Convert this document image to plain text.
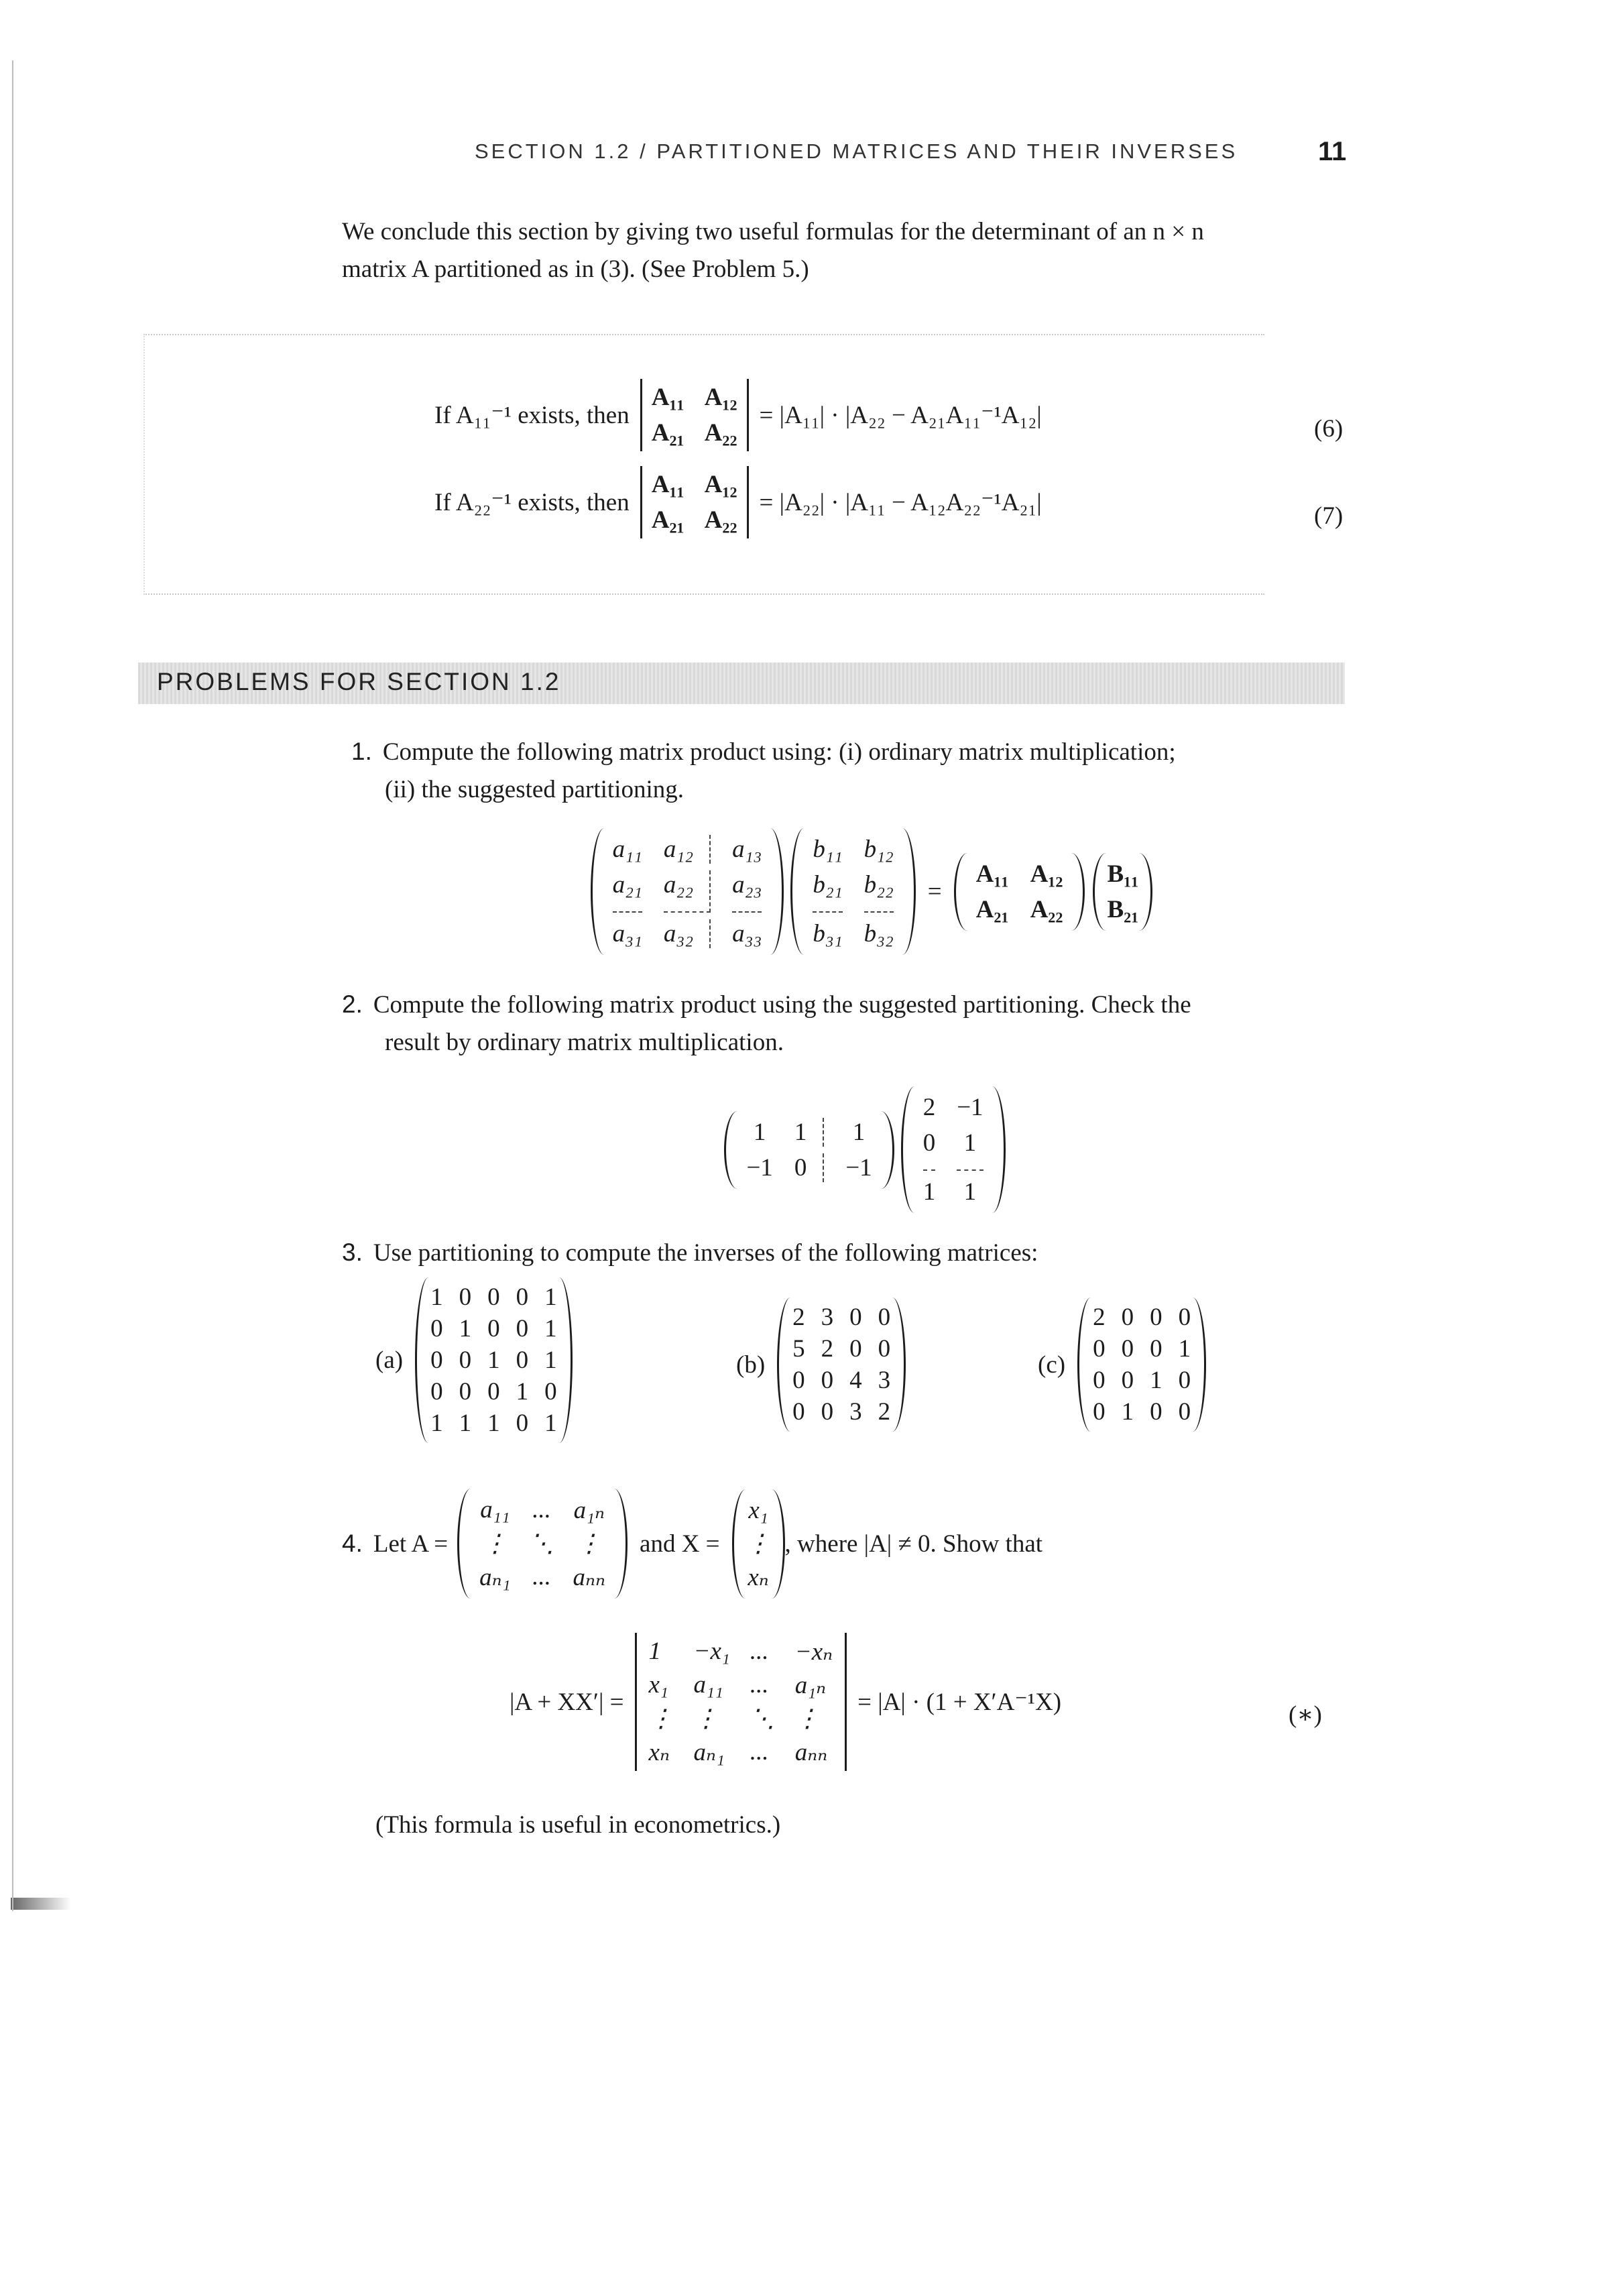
SECTION 1.2 / PARTITIONED MATRICES AND THEIR INVERSES	11
We conclude this section by giving two useful formulas for the determinant of an n × n
matrix A partitioned as in (3). (See Problem 5.)
If A₁₁⁻¹ exists, then
A₁₁ A₁₂
A₂₁ A₂₂
= |A₁₁| · |A₂₂ − A₂₁A₁₁⁻¹A₁₂|	(6)
If A₂₂⁻¹ exists, then
A₁₁ A₁₂
A₂₁ A₂₂
= |A₂₂| · |A₁₁ − A₁₂A₂₂⁻¹A₂₁|	(7)
PROBLEMS FOR SECTION 1.2
1. Compute the following matrix product using: (i) ordinary matrix multiplication;
(ii) the suggested partitioning.
a₁₁ a₁₂	a₁₃
a₂₁ a₂₂	a₂₃
a₃₁ a₃₂	a₃₃
b₁₁ b₁₂
b₂₁ b₂₂
b₃₁ b₃₂
=
A₁₁ A₁₂
A₂₁ A₂₂
B₁₁
B₂₁
2. Compute the following matrix product using the suggested partitioning. Check the
result by ordinary matrix multiplication.
1 1	1
−1 0	−1
2 −1
0 1
1 1
3. Use partitioning to compute the inverses of the following matrices:
(a)
1 0 0 0 1
0 1 0 0 1
0 0 1 0 1
0 0 0 1 0
1 1 1 0 1
(b)
2 3 0 0
5 2 0 0
0 0 4 3
0 0 3 2
(c)
2 0 0 0
0 0 0 1
0 0 1 0
0 1 0 0
4. Let A =
a₁₁ ... a₁ₙ
⋮ ⋱ ⋮
aₙ₁ ... aₙₙ
and X =
x₁
⋮
xₙ
, where |A| ≠ 0. Show that
|A + XX′| =
1	−x₁ ... −xₙ
x₁ a₁₁ ... a₁ₙ
⋮ ⋮	⋱ ⋮
xₙ aₙ₁ ... aₙₙ
= |A| · (1 + X′A⁻¹X)	(∗)
(This formula is useful in econometrics.)
